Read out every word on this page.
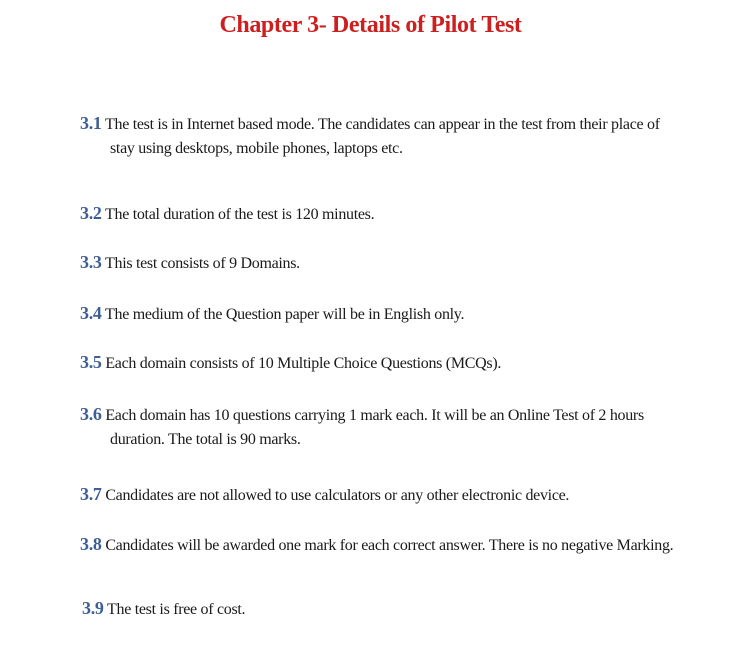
Chapter 3- Details of Pilot Test
3.1 The test is in Internet based mode. The candidates can appear in the test from their place of
stay using desktops, mobile phones, laptops etc.
3.2 The total duration of the test is 120 minutes.
3.3 This test consists of 9 Domains.
3.4 The medium of the Question paper will be in English only.
3.5 Each domain consists of 10 Multiple Choice Questions (MCQs).
3.6 Each domain has 10 questions carrying 1 mark each. It will be an Online Test of 2 hours
duration. The total is 90 marks.
3.7 Candidates are not allowed to use calculators or any other electronic device.
3.8 Candidates will be awarded one mark for each correct answer. There is no negative Marking.
3.9 The test is free of cost.
